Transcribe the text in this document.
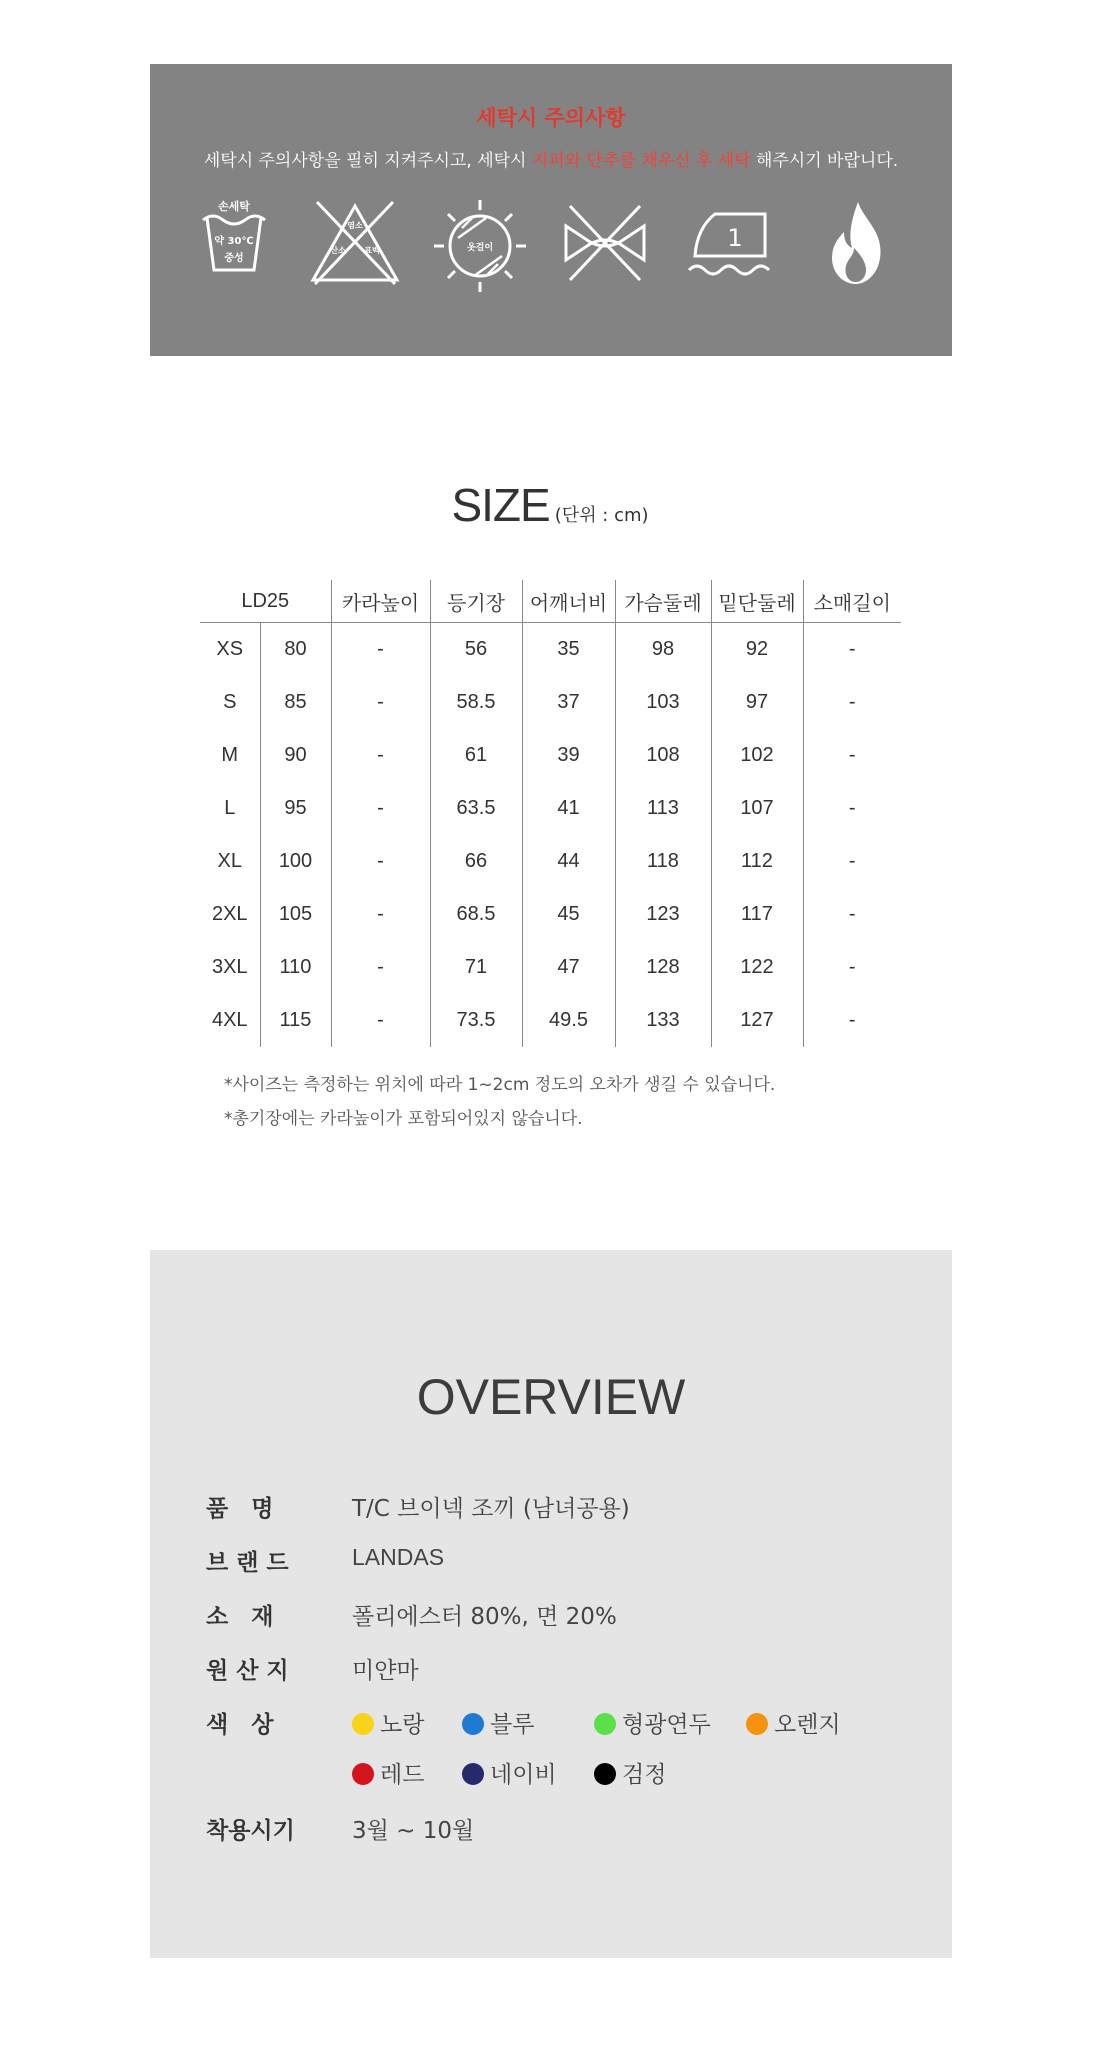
세탁시 주의사항
세탁시 주의사항을 필히 지켜주시고, 세탁시 지퍼와 단추를 채우신 후 세탁 해주시기 바랍니다.
손세탁
약 30℃
중성
손세탁 권장
염소
산소 표백
표백제 사용금지
옷걸이
그늘에 건조	쥐어짜기 금지
1
다림질 약하게	화기주의
SIZE (단위 : cm)
LD25		카라높이	등기장	어깨너비	가슴둘레	밑단둘레	소매길이
XS	80	-	56	35	98	92	-
S	85	-	58.5	37	103	97	-
M	90	-	61	39	108	102	-
L	95	-	63.5	41	113	107	-
XL	100	-	66	44	118	112	-
2XL	105	-	68.5	45	123	117	-
3XL	110	-	71	47	128	122	-
4XL	115	-	73.5	49.5	133	127	-
*사이즈는 측정하는 위치에 따라 1~2cm 정도의 오차가 생길 수 있습니다.
*총기장에는 카라높이가 포함되어있지 않습니다.
OVERVIEW
품　명	T/C 브이넥 조끼 (남녀공용)
브랜드 LANDAS
소　재	폴리에스터 80%, 면 20%
원산지 미얀마
색　상	노랑	블루	형광연두	오렌지
레드	네이비	검정
착용시기 3월 ~ 10월
